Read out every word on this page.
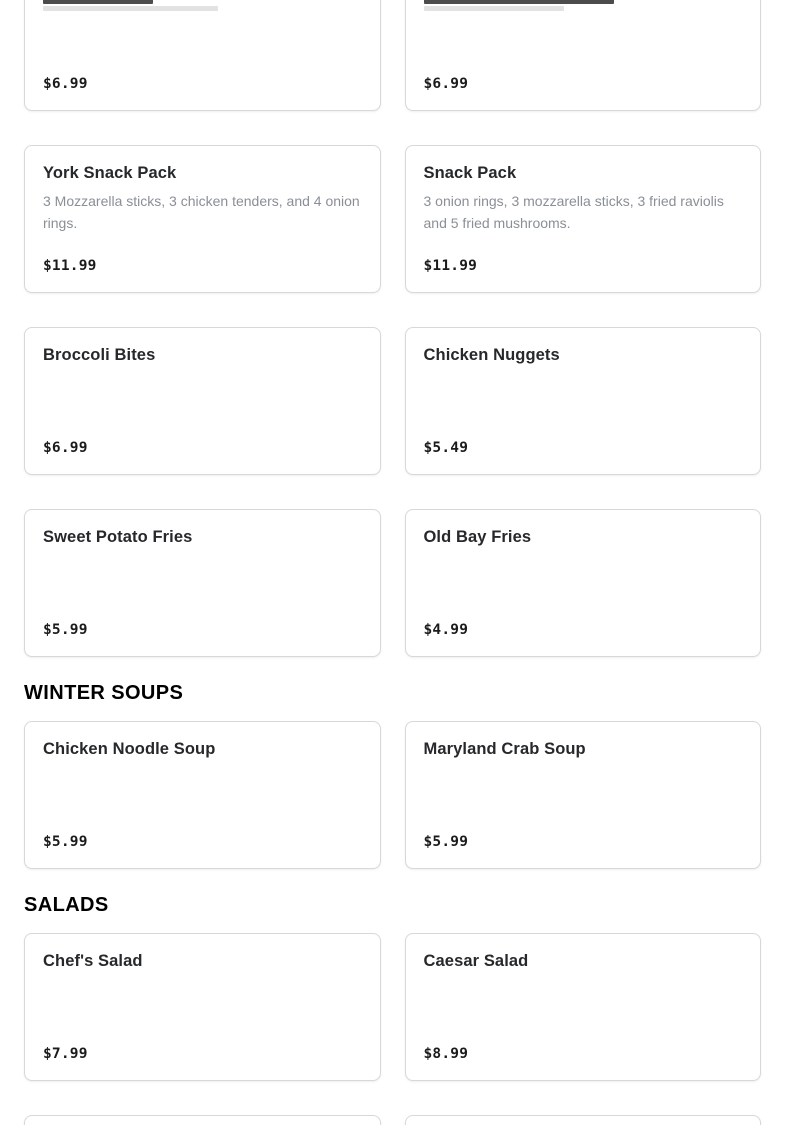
$6.99	$6.99
York Snack Pack
3 Mozzarella sticks, 3 chicken tenders, and 4 onion rings.
$11.99
Snack Pack
3 onion rings, 3 mozzarella sticks, 3 fried raviolis and 5 fried mushrooms.
$11.99
Broccoli Bites
$6.99
Chicken Nuggets
$5.49
Sweet Potato Fries
$5.99
Old Bay Fries
$4.99
WINTER SOUPS
Chicken Noodle Soup
$5.99
Maryland Crab Soup
$5.99
SALADS
Chef's Salad
$7.99
Caesar Salad
$8.99
